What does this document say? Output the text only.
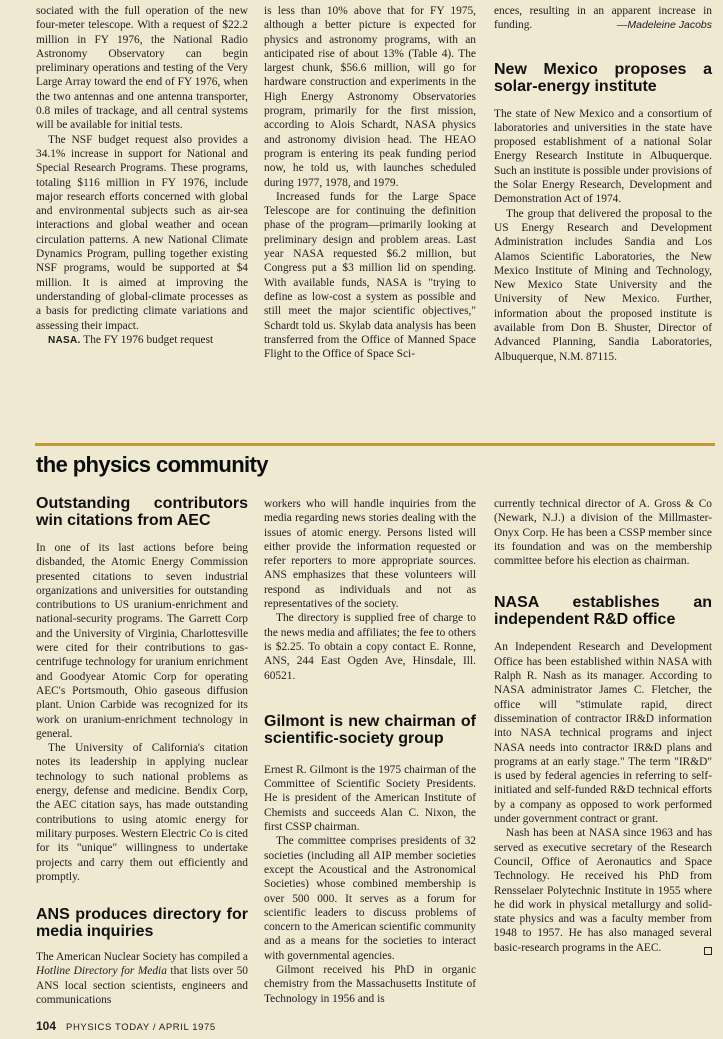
sociated with the full operation of the new four-meter telescope. With a request of $22.2 million in FY 1976, the National Radio Astronomy Observatory can begin preliminary operations and testing of the Very Large Array toward the end of FY 1976, when the two antennas and one antenna transporter, 0.8 miles of trackage, and all central systems will be available for initial tests.

The NSF budget request also provides a 34.1% increase in support for National and Special Research Programs. These programs, totaling $116 million in FY 1976, include major research efforts concerned with global and environmental subjects such as air-sea interactions and global weather and ocean circulation patterns. A new National Climate Dynamics Program, pulling together existing NSF programs, would be supported at $4 million. It is aimed at improving the understanding of global-climate processes as a basis for predicting climate variations and assessing their impact.

NASA. The FY 1976 budget request

is less than 10% above that for FY 1975, although a better picture is expected for physics and astronomy programs, with an anticipated rise of about 13% (Table 4). The largest chunk, $56.6 million, will go for hardware construction and experiments in the High Energy Astronomy Observatories program, primarily for the first mission, according to Alois Schardt, NASA physics and astronomy division head. The HEAO program is entering its peak funding period now, he told us, with launches scheduled during 1977, 1978, and 1979.

Increased funds for the Large Space Telescope are for continuing the definition phase of the program—primarily looking at preliminary design and problem areas. Last year NASA requested $6.2 million, but Congress put a $3 million lid on spending. With available funds, NASA is "trying to define as low-cost a system as possible and still meet the major scientific objectives," Schardt told us. Skylab data analysis has been transferred from the Office of Manned Space Flight to the Office of Space Sci-

ences, resulting in an apparent increase in funding.	—Madeleine Jacobs

New Mexico proposes a solar-energy institute

The state of New Mexico and a consortium of laboratories and universities in the state have proposed establishment of a national Solar Energy Research Institute in Albuquerque. Such an institute is possible under provisions of the Solar Energy Research, Development and Demonstration Act of 1974.

The group that delivered the proposal to the US Energy Research and Development Administration includes Sandia and Los Alamos Scientific Laboratories, the New Mexico Institute of Mining and Technology, New Mexico State University and the University of New Mexico. Further, information about the proposed institute is available from Don B. Shuster, Director of Advanced Planning, Sandia Laboratories, Albuquerque, N.M. 87115.

the physics community
Outstanding contributors win citations from AEC

In one of its last actions before being disbanded, the Atomic Energy Commission presented citations to seven industrial organizations and universities for outstanding contributions to US uranium-enrichment and national-security programs. The Garrett Corp and the University of Virginia, Charlottesville were cited for their contributions to gas-centrifuge technology for uranium enrichment and Goodyear Atomic Corp for operating AEC's Portsmouth, Ohio gaseous diffusion plant. Union Carbide was recognized for its work on uranium-enrichment technology in general.

The University of California's citation notes its leadership in applying nuclear technology to such national problems as energy, defense and medicine. Bendix Corp, the AEC citation says, has made outstanding contributions to using atomic energy for military purposes. Western Electric Co is cited for its "unique" willingness to undertake projects and carry them out efficiently and promptly.

ANS produces directory for media inquiries

The American Nuclear Society has compiled a Hotline Directory for Media that lists over 50 ANS local section scientists, engineers and communications

workers who will handle inquiries from the media regarding news stories dealing with the issues of atomic energy. Persons listed will either provide the information requested or refer reporters to more appropriate sources. ANS emphasizes that these volunteers will respond as individuals and not as representatives of the society.

The directory is supplied free of charge to the news media and affiliates; the fee to others is $2.25. To obtain a copy contact E. Ronne, ANS, 244 East Ogden Ave, Hinsdale, Ill. 60521.

Gilmont is new chairman of scientific-society group

Ernest R. Gilmont is the 1975 chairman of the Committee of Scientific Society Presidents. He is president of the American Institute of Chemists and succeeds Alan C. Nixon, the first CSSP chairman.

The committee comprises presidents of 32 societies (including all AIP member societies except the Acoustical and the Astronomical Societies) whose combined membership is over 500 000. It serves as a forum for scientific leaders to discuss problems of concern to the American scientific community and as a means for the societies to interact with governmental agencies.

Gilmont received his PhD in organic chemistry from the Massachusetts Institute of Technology in 1956 and is

currently technical director of A. Gross & Co (Newark, N.J.) a division of the Millmaster-Onyx Corp. He has been a CSSP member since its foundation and was on the membership committee before his election as chairman.

NASA establishes an independent R&D office

An Independent Research and Development Office has been established within NASA with Ralph R. Nash as its manager. According to NASA administrator James C. Fletcher, the office will "stimulate rapid, direct dissemination of contractor IR&D information into NASA technical programs and inject NASA needs into contractor IR&D plans and programs at an early stage." The term "IR&D" is used by federal agencies in referring to self-initiated and self-funded R&D technical efforts by a company as opposed to work performed under government contract or grant.

Nash has been at NASA since 1963 and has served as executive secretary of the Research Council, Office of Aeronautics and Space Technology. He received his PhD from Rensselaer Polytechnic Institute in 1955 where he did work in physical metallurgy and solid-state physics and was a faculty member from 1948 to 1957. He has also managed several basic-research programs in the AEC.

104 PHYSICS TODAY / APRIL 1975
